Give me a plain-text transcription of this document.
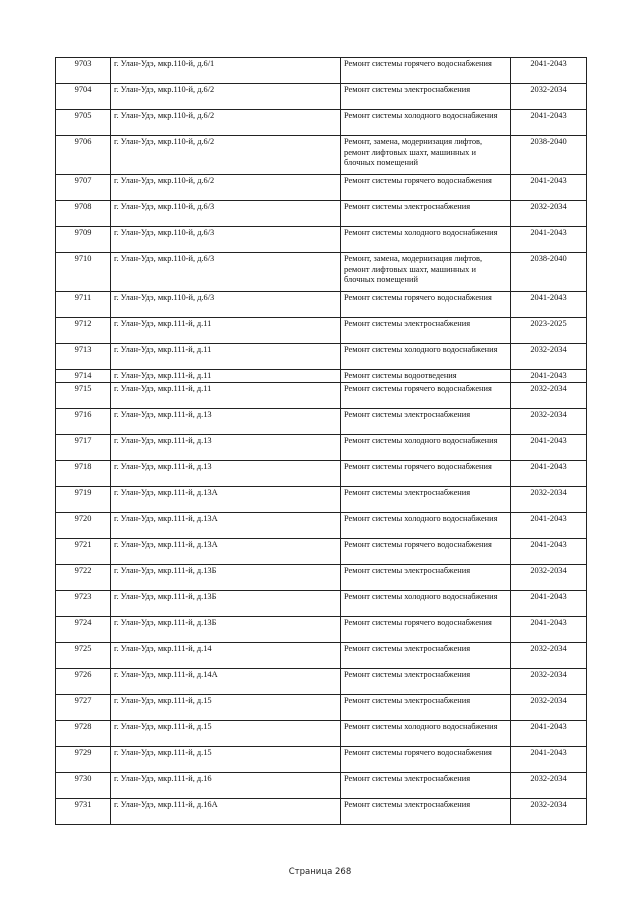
9703	г. Улан-Удэ, мкр.110-й, д.6/1	Ремонт системы горячего водоснабжения	2041-2043
9704	г. Улан-Удэ, мкр.110-й, д.6/2	Ремонт системы электроснабжения	2032-2034
9705	г. Улан-Удэ, мкр.110-й, д.6/2	Ремонт системы холодного водоснабжения	2041-2043
9706	г. Улан-Удэ, мкр.110-й, д.6/2	Ремонт, замена, модернизация лифтов, ремонт лифтовых шахт, машинных и блочных помещений	2038-2040
9707	г. Улан-Удэ, мкр.110-й, д.6/2	Ремонт системы горячего водоснабжения	2041-2043
9708	г. Улан-Удэ, мкр.110-й, д.6/3	Ремонт системы электроснабжения	2032-2034
9709	г. Улан-Удэ, мкр.110-й, д.6/3	Ремонт системы холодного водоснабжения	2041-2043
9710	г. Улан-Удэ, мкр.110-й, д.6/3	Ремонт, замена, модернизация лифтов, ремонт лифтовых шахт, машинных и блочных помещений	2038-2040
9711	г. Улан-Удэ, мкр.110-й, д.6/3	Ремонт системы горячего водоснабжения	2041-2043
9712	г. Улан-Удэ, мкр.111-й, д.11	Ремонт системы электроснабжения	2023-2025
9713	г. Улан-Удэ, мкр.111-й, д.11	Ремонт системы холодного водоснабжения	2032-2034
9714	г. Улан-Удэ, мкр.111-й, д.11	Ремонт системы водоотведения	2041-2043
9715	г. Улан-Удэ, мкр.111-й, д.11	Ремонт системы горячего водоснабжения	2032-2034
9716	г. Улан-Удэ, мкр.111-й, д.13	Ремонт системы электроснабжения	2032-2034
9717	г. Улан-Удэ, мкр.111-й, д.13	Ремонт системы холодного водоснабжения	2041-2043
9718	г. Улан-Удэ, мкр.111-й, д.13	Ремонт системы горячего водоснабжения	2041-2043
9719	г. Улан-Удэ, мкр.111-й, д.13А	Ремонт системы электроснабжения	2032-2034
9720	г. Улан-Удэ, мкр.111-й, д.13А	Ремонт системы холодного водоснабжения	2041-2043
9721	г. Улан-Удэ, мкр.111-й, д.13А	Ремонт системы горячего водоснабжения	2041-2043
9722	г. Улан-Удэ, мкр.111-й, д.13Б	Ремонт системы электроснабжения	2032-2034
9723	г. Улан-Удэ, мкр.111-й, д.13Б	Ремонт системы холодного водоснабжения	2041-2043
9724	г. Улан-Удэ, мкр.111-й, д.13Б	Ремонт системы горячего водоснабжения	2041-2043
9725	г. Улан-Удэ, мкр.111-й, д.14	Ремонт системы электроснабжения	2032-2034
9726	г. Улан-Удэ, мкр.111-й, д.14А	Ремонт системы электроснабжения	2032-2034
9727	г. Улан-Удэ, мкр.111-й, д.15	Ремонт системы электроснабжения	2032-2034
9728	г. Улан-Удэ, мкр.111-й, д.15	Ремонт системы холодного водоснабжения	2041-2043
9729	г. Улан-Удэ, мкр.111-й, д.15	Ремонт системы горячего водоснабжения	2041-2043
9730	г. Улан-Удэ, мкр.111-й, д.16	Ремонт системы электроснабжения	2032-2034
9731	г. Улан-Удэ, мкр.111-й, д.16А	Ремонт системы электроснабжения	2032-2034
Страница 268
